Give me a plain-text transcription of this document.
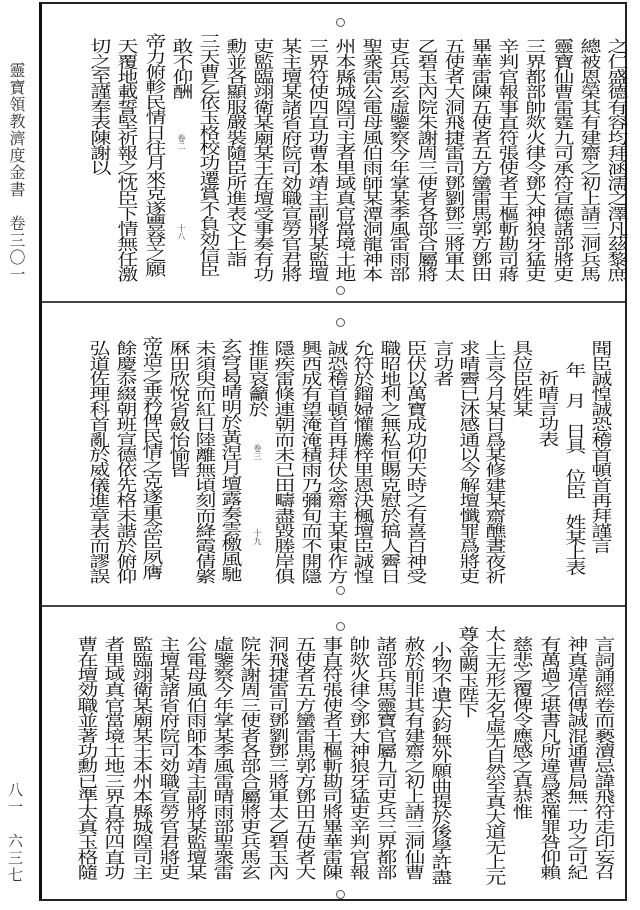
靈寶領教濟度金書　卷三〇一
八一　六三七
之仁盛德有容均拜涵濡之澤凡茲黎庶
總被恩榮其有建齋之初上請三洞兵馬
靈寶仙曹雷霆九司承符宣德諸部將吏
三界都部帥欻火律令鄧大神狼牙猛吏
辛判官報事直符張使者王樞斬勘司蔣
畢華雷陳五使者五方蠻雷馬郭方鄧田
五使者大洞飛捷雷司鄧劉鄧三將軍太
乙碧玉內院朱謝周三使者各部合屬將
吏兵馬玄虛鑒察今年掌某季風雷雨部
聖衆雷公電母風伯雨師某潭洞龍神本
州本縣城隍司主者里域真官當境土地
三界符使四直功曹本靖主副將某監壇
某主壇某諸省府院司効職宣勞官君將
吏監臨翊衛某廟某王在壇受事奏有功
勳並各顯服嚴裝隨臣所進表文上詣
三天曹乞依玉格校功遷賞不負効信臣
敢不仰酬
帝力俯軫民情日往月來克遂豐登之願
天覆地載誓堅祈報之忱臣下情無任激
切之至謹奉表陳謝以	卷二
十八
聞臣誠惶誠恐稽首頓首再拜謹言
年　月　日具　位臣　姓某上表
祈晴言功表
具位臣姓某
上言今月某日爲某修建某齋醮晝夜祈
求晴霽已沐感通以今解壇懺罪爲將吏
言功者
臣伏以萬寶成功仰天時之有喜百神受
職昭地利之無私恒賜克慰於搞人霽日
允符於鎦婦懽騰梓里恩決楓壇臣誠惶
誠恐稽首頓首再拜伏念齋主某東作方
興西成有望淹淹積雨乃彌旬而不開隱
隱疾雷倏連朝而未已田疇盡毀塍岸俱
推匪哀籲於
玄穹曷晴明於黃涅月壇露奏雲檄風馳
未須臾而紅日陸離無頃刻而絳霞倩綮
厤田欣悅省斂怡愉皆
帝造之垂矜俾民情之克遂重念臣夙膺
餘慶忝綴朝班宣德依先格未諧於俯仰
弘道佐理科首亂於威儀進章表而謬誤	卷三
十九
言詞誦經卷而褻瀆忌諱飛符走印妄召
神真違信傳誠混通曹局無一功之可紀
有萬過之堪書凡所違爲悉罹罪咎仰賴
慈悲之覆俾令應感之真恭惟
太上无形无名虛无自然至真大道无上元
尊金闕玉陛下
小物不遺大鈞無外願曲提於後學許盡
赦於前非其有建齋之初上請三洞仙曹
諸部兵馬靈寶官屬九司吏兵三界都部
帥欻火律令鄧大神狼牙猛吏辛判官報
事直符張使者王樞斬勘司將畢華雷陳
五使者五方蠻雷馬郭方鄧田五使者大
洞飛捷雷司鄧劉鄧三將軍太乙碧玉內
院朱謝周三使者各部合屬將吏兵馬玄
虛鑒察今年掌某季風雷晴雨部聖衆雷
公電母風伯雨師本靖主副將某監壇某
主壇某諸省府院司効職宣勞官君將吏
監臨翊衛某廟某王本州本縣城隍司主
者里域真官當境土地三界直符四直功
曹在壇効職並著功勳已準太真玉格隨
